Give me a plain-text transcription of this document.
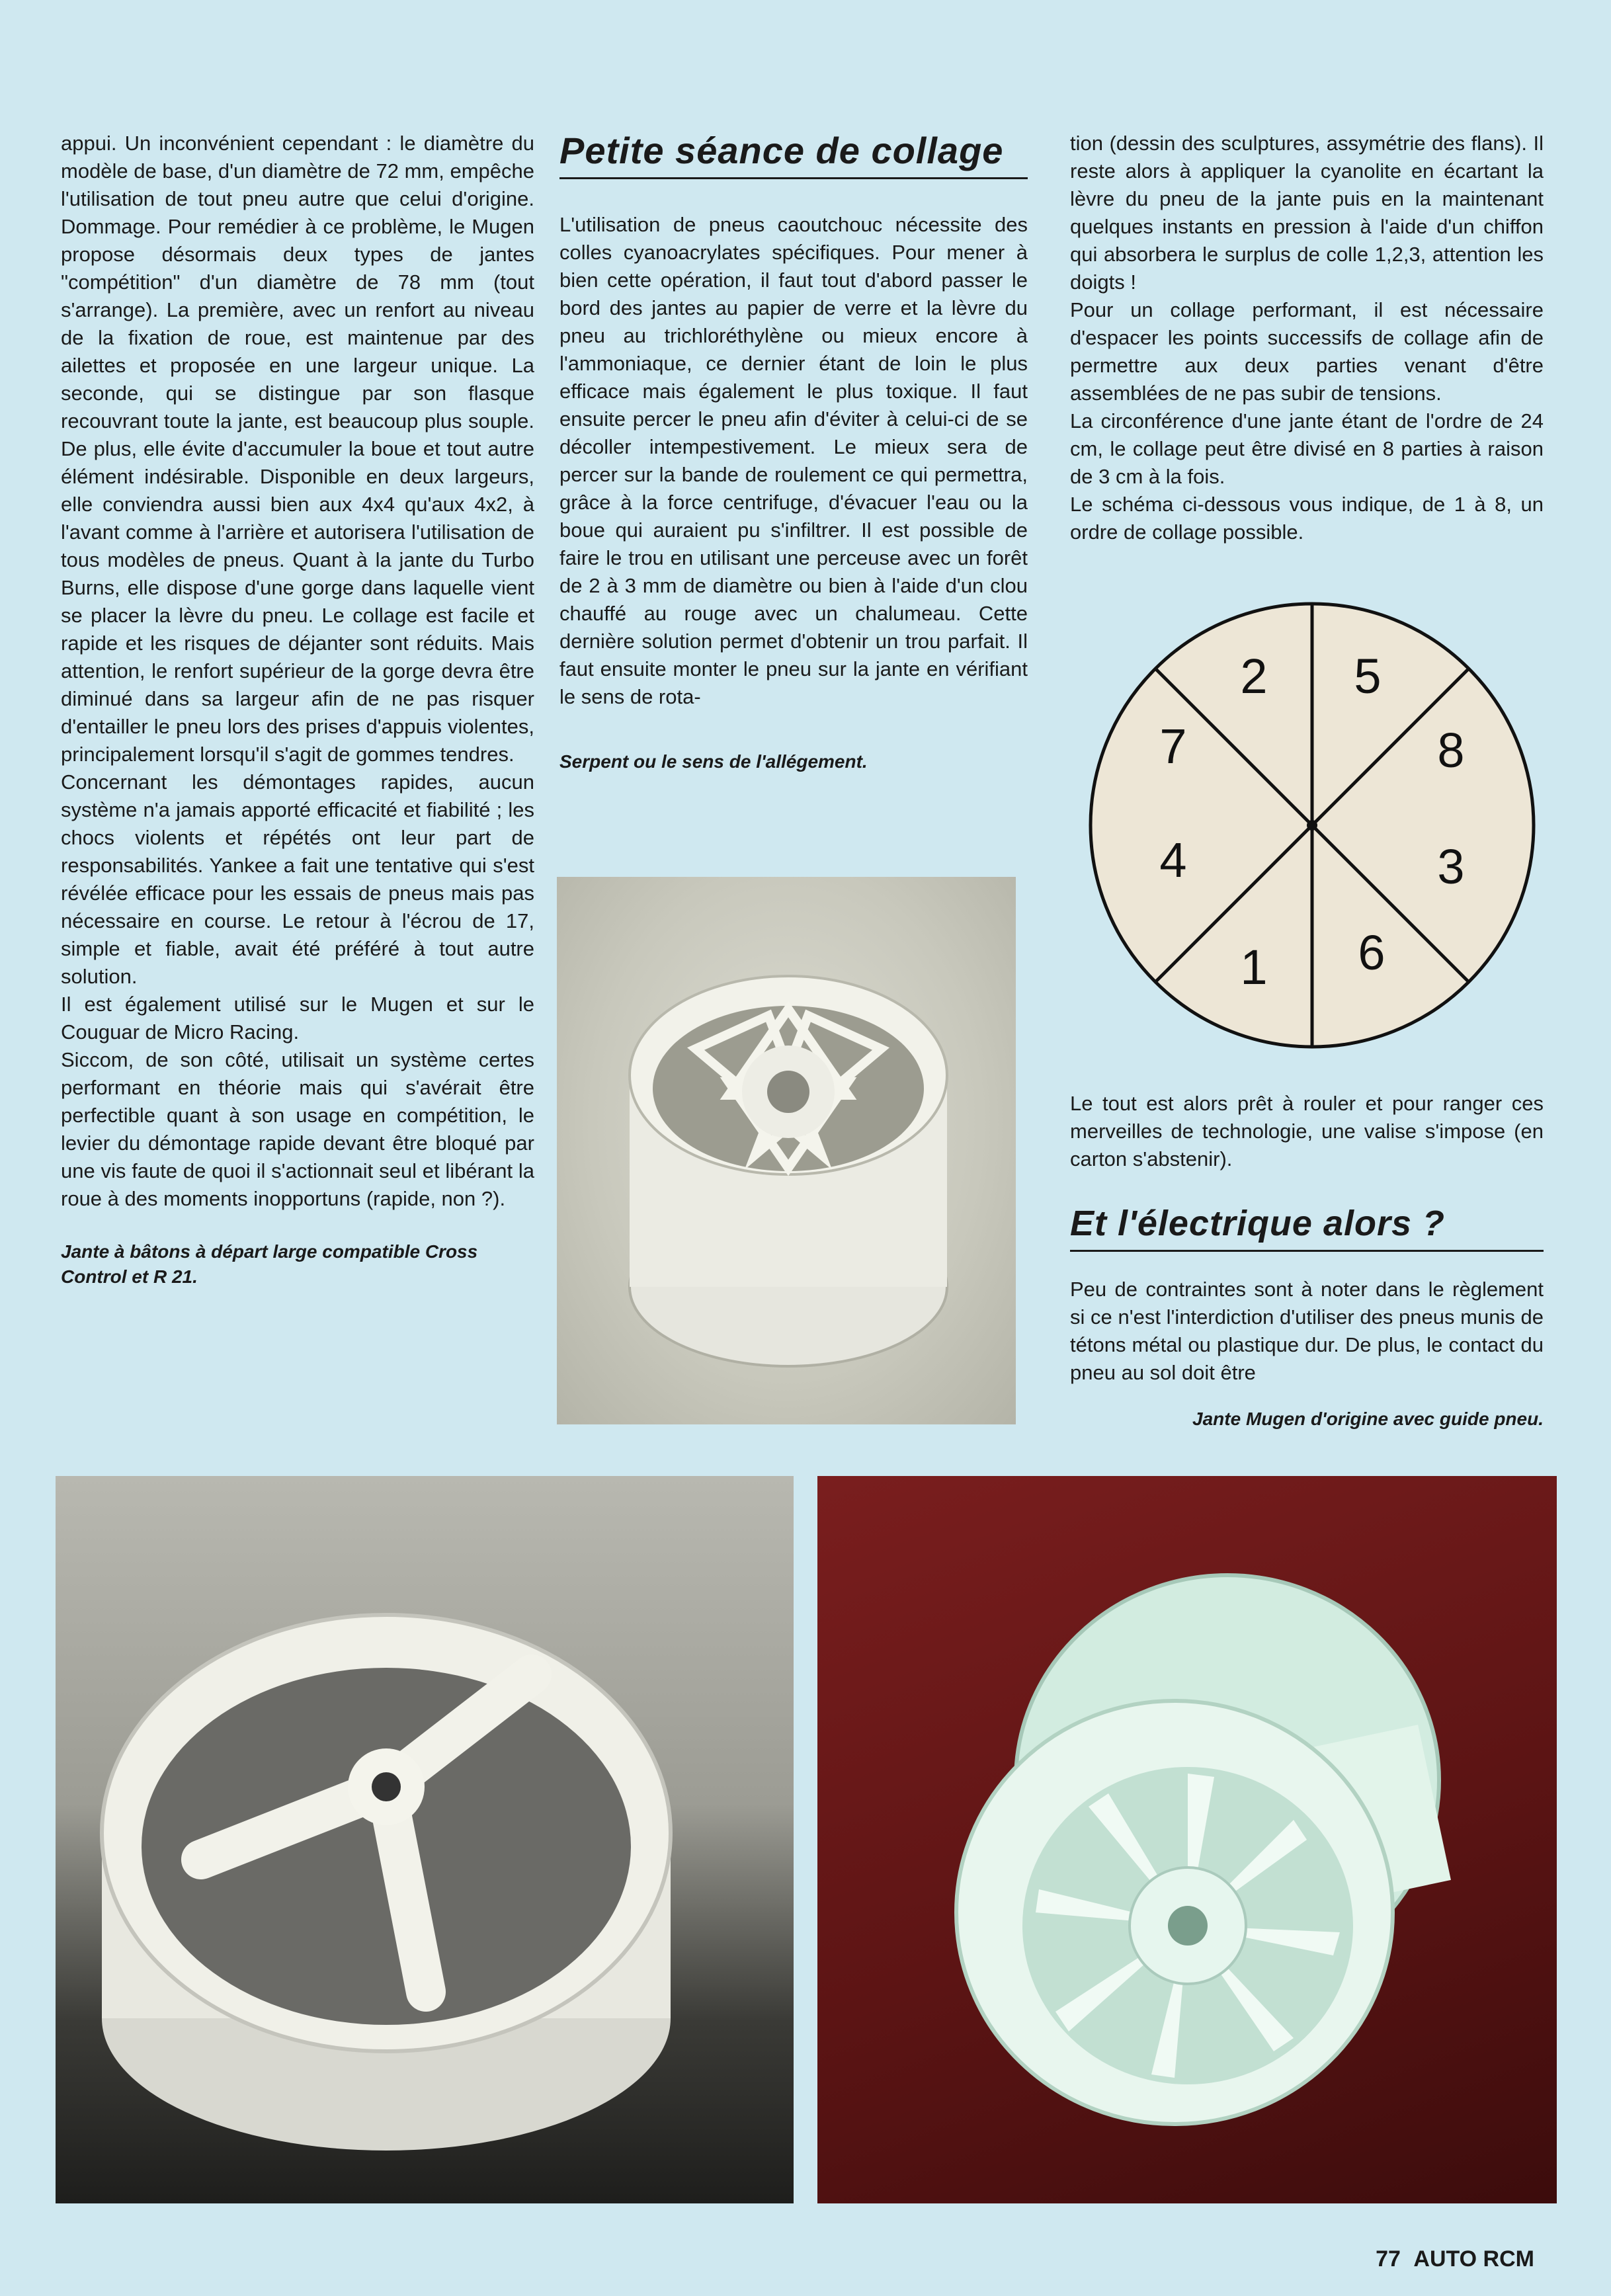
appui. Un inconvénient cependant : le diamètre du modèle de base, d'un diamètre de 72 mm, empêche l'utilisation de tout pneu autre que celui d'origine. Dommage. Pour remédier à ce problème, le Mugen propose désormais deux types de jantes "compétition" d'un diamètre de 78 mm (tout s'arrange). La première, avec un renfort au niveau de la fixation de roue, est maintenue par des ailettes et proposée en une largeur unique. La seconde, qui se distingue par son flasque recouvrant toute la jante, est beaucoup plus souple. De plus, elle évite d'accumuler la boue et tout autre élément indésirable. Disponible en deux largeurs, elle conviendra aussi bien aux 4x4 qu'aux 4x2, à l'avant comme à l'arrière et autorisera l'utilisation de tous modèles de pneus. Quant à la jante du Turbo Burns, elle dispose d'une gorge dans laquelle vient se placer la lèvre du pneu. Le collage est facile et rapide et les risques de déjanter sont réduits. Mais attention, le renfort supérieur de la gorge devra être diminué dans sa largeur afin de ne pas risquer d'entailler le pneu lors des prises d'appuis violentes, principalement lorsqu'il s'agit de gommes tendres.

Concernant les démontages rapides, aucun système n'a jamais apporté efficacité et fiabilité ; les chocs violents et répétés ont leur part de responsabilités. Yankee a fait une tentative qui s'est révélée efficace pour les essais de pneus mais pas nécessaire en course. Le retour à l'écrou de 17, simple et fiable, avait été préféré à tout autre solution.

Il est également utilisé sur le Mugen et sur le Couguar de Micro Racing.

Siccom, de son côté, utilisait un système certes performant en théorie mais qui s'avérait être perfectible quant à son usage en compétition, le levier du démontage rapide devant être bloqué par une vis faute de quoi il s'actionnait seul et libérant la roue à des moments inopportuns (rapide, non ?).

Jante à bâtons à départ large compatible Cross Control et R 21.

Petite séance de collage

L'utilisation de pneus caoutchouc nécessite des colles cyanoacrylates spécifiques. Pour mener à bien cette opération, il faut tout d'abord passer le bord des jantes au papier de verre et la lèvre du pneu au trichloréthylène ou mieux encore à l'ammoniaque, ce dernier étant de loin le plus efficace mais également le plus toxique. Il faut ensuite percer le pneu afin d'éviter à celui-ci de se décoller intempestivement. Le mieux sera de percer sur la bande de roulement ce qui permettra, grâce à la force centrifuge, d'évacuer l'eau ou la boue qui auraient pu s'infiltrer. Il est possible de faire le trou en utilisant une perceuse avec un forêt de 2 à 3 mm de diamètre ou bien à l'aide d'un clou chauffé au rouge avec un chalumeau. Cette dernière solution permet d'obtenir un trou parfait. Il faut ensuite monter le pneu sur la jante en vérifiant le sens de rota-

Serpent ou le sens de l'allégement.

tion (dessin des sculptures, assymétrie des flans). Il reste alors à appliquer la cyanolite en écartant la lèvre du pneu de la jante puis en la maintenant quelques instants en pression à l'aide d'un chiffon qui absorbera le surplus de colle 1,2,3, attention les doigts !

Pour un collage performant, il est nécessaire d'espacer les points successifs de collage afin de permettre aux deux parties venant d'être assemblées de ne pas subir de tensions.

La circonférence d'une jante étant de l'ordre de 24 cm, le collage peut être divisé en 8 parties à raison de 3 cm à la fois.

Le schéma ci-dessous vous indique, de 1 à 8, un ordre de collage possible.

2 5
8
3
6
1
4
7
Le tout est alors prêt à rouler et pour ranger ces merveilles de technologie, une valise s'impose (en carton s'abstenir).
Et l'électrique alors ?

Peu de contraintes sont à noter dans le règlement si ce n'est l'interdiction d'utiliser des pneus munis de tétons métal ou plastique dur. De plus, le contact du pneu au sol doit être

Jante Mugen d'origine avec guide pneu.

77 AUTO RCM
